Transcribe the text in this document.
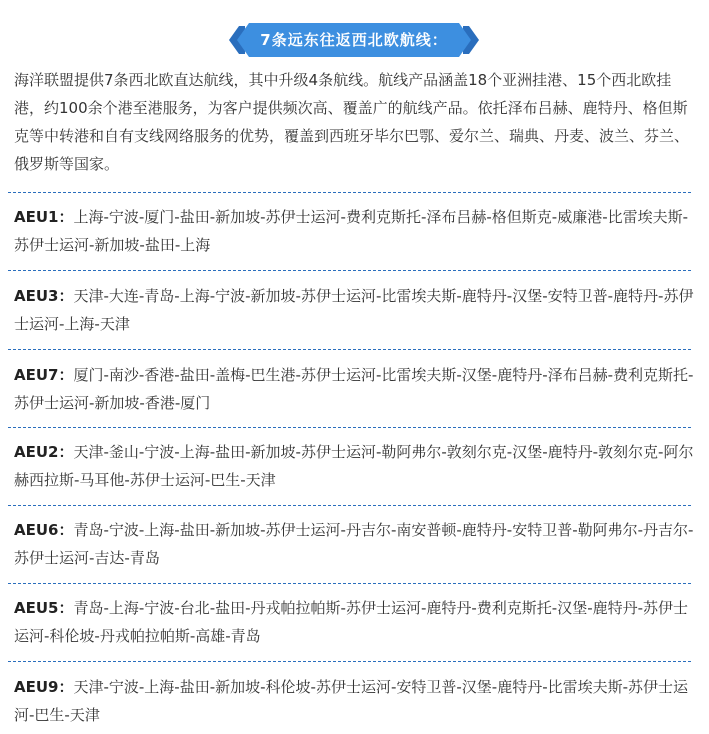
7条远东往返西北欧航线：

海洋联盟提供7条西北欧直达航线，其中升级4条航线。航线产品涵盖18个亚洲挂港、15个西北欧挂港，约100余个港至港服务，为客户提供频次高、覆盖广的航线产品。依托泽布吕赫、鹿特丹、格但斯克等中转港和自有支线网络服务的优势，覆盖到西班牙毕尔巴鄂、爱尔兰、瑞典、丹麦、波兰、芬兰、俄罗斯等国家。

AEU1：上海-宁波-厦门-盐田-新加坡-苏伊士运河-费利克斯托-泽布吕赫-格但斯克-威廉港-比雷埃夫斯-苏伊士运河-新加坡-盐田-上海

AEU3：天津-大连-青岛-上海-宁波-新加坡-苏伊士运河-比雷埃夫斯-鹿特丹-汉堡-安特卫普-鹿特丹-苏伊士运河-上海-天津

AEU7：厦门-南沙-香港-盐田-盖梅-巴生港-苏伊士运河-比雷埃夫斯-汉堡-鹿特丹-泽布吕赫-费利克斯托-苏伊士运河-新加坡-香港-厦门

AEU2：天津-釜山-宁波-上海-盐田-新加坡-苏伊士运河-勒阿弗尔-敦刻尔克-汉堡-鹿特丹-敦刻尔克-阿尔赫西拉斯-马耳他-苏伊士运河-巴生-天津

AEU6：青岛-宁波-上海-盐田-新加坡-苏伊士运河-丹吉尔-南安普顿-鹿特丹-安特卫普-勒阿弗尔-丹吉尔-苏伊士运河-吉达-青岛

AEU5：青岛-上海-宁波-台北-盐田-丹戎帕拉帕斯-苏伊士运河-鹿特丹-费利克斯托-汉堡-鹿特丹-苏伊士运河-科伦坡-丹戎帕拉帕斯-高雄-青岛

AEU9：天津-宁波-上海-盐田-新加坡-科伦坡-苏伊士运河-安特卫普-汉堡-鹿特丹-比雷埃夫斯-苏伊士运河-巴生-天津
